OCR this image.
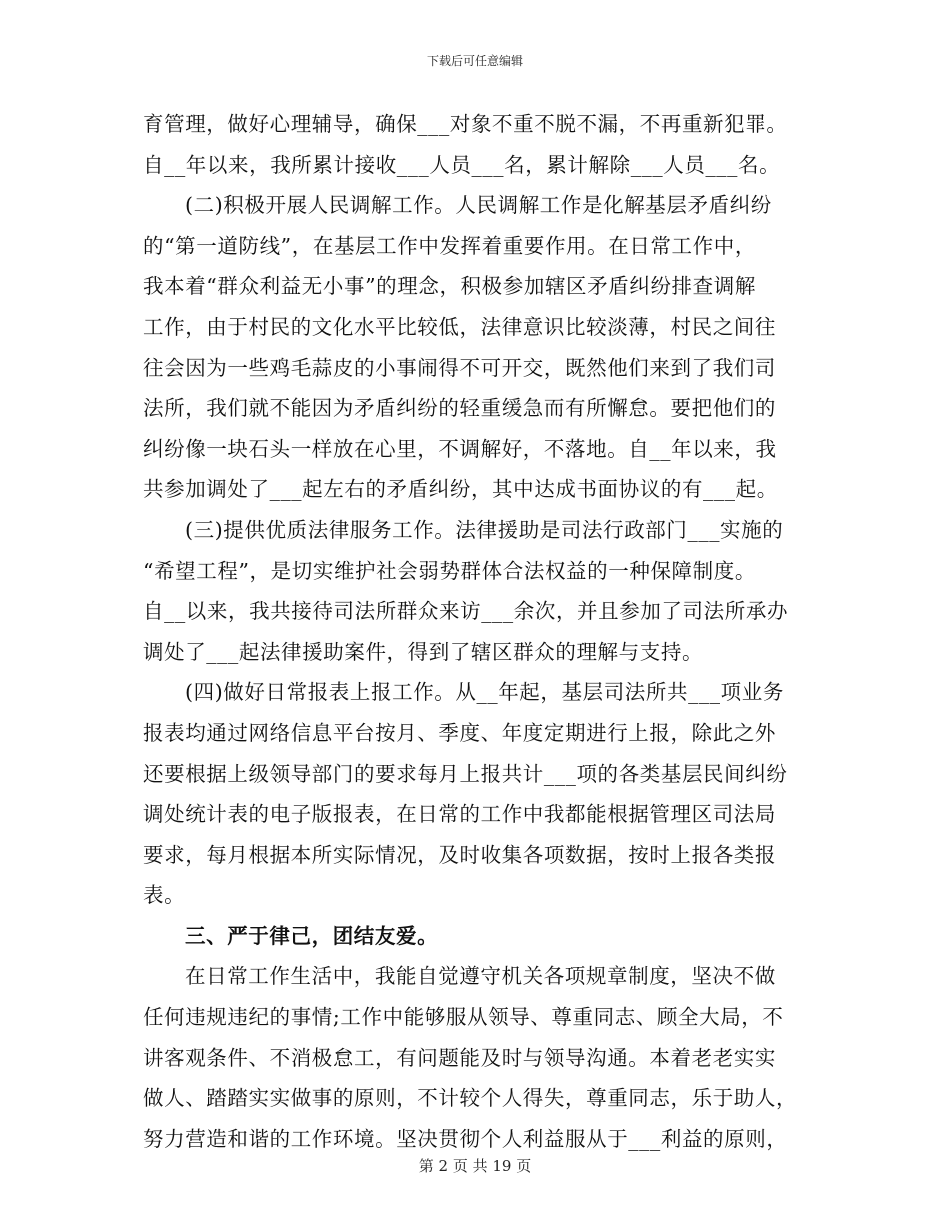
下载后可任意编辑
育管理，做好心理辅导，确保___对象不重不脱不漏，不再重新犯罪。
自__年以来，我所累计接收___人员___名，累计解除___人员___名。
(二)积极开展人民调解工作。人民调解工作是化解基层矛盾纠纷
的“第一道防线”，在基层工作中发挥着重要作用。在日常工作中，
我本着“群众利益无小事”的理念，积极参加辖区矛盾纠纷排查调解
工作，由于村民的文化水平比较低，法律意识比较淡薄，村民之间往
往会因为一些鸡毛蒜皮的小事闹得不可开交，既然他们来到了我们司
法所，我们就不能因为矛盾纠纷的轻重缓急而有所懈怠。要把他们的
纠纷像一块石头一样放在心里，不调解好，不落地。自__年以来，我
共参加调处了___起左右的矛盾纠纷，其中达成书面协议的有___起。
(三)提供优质法律服务工作。法律援助是司法行政部门___实施的
“希望工程”，是切实维护社会弱势群体合法权益的一种保障制度。
自__以来，我共接待司法所群众来访___余次，并且参加了司法所承办
调处了___起法律援助案件，得到了辖区群众的理解与支持。
(四)做好日常报表上报工作。从__年起，基层司法所共___项业务
报表均通过网络信息平台按月、季度、年度定期进行上报，除此之外
还要根据上级领导部门的要求每月上报共计___项的各类基层民间纠纷
调处统计表的电子版报表，在日常的工作中我都能根据管理区司法局
要求，每月根据本所实际情况，及时收集各项数据，按时上报各类报
表。
三、严于律己，团结友爱。
在日常工作生活中，我能自觉遵守机关各项规章制度，坚决不做
任何违规违纪的事情;工作中能够服从领导、尊重同志、顾全大局，不
讲客观条件、不消极怠工，有问题能及时与领导沟通。本着老老实实
做人、踏踏实实做事的原则，不计较个人得失，尊重同志，乐于助人，
努力营造和谐的工作环境。坚决贯彻个人利益服从于___利益的原则，
第 2 页 共 19 页
